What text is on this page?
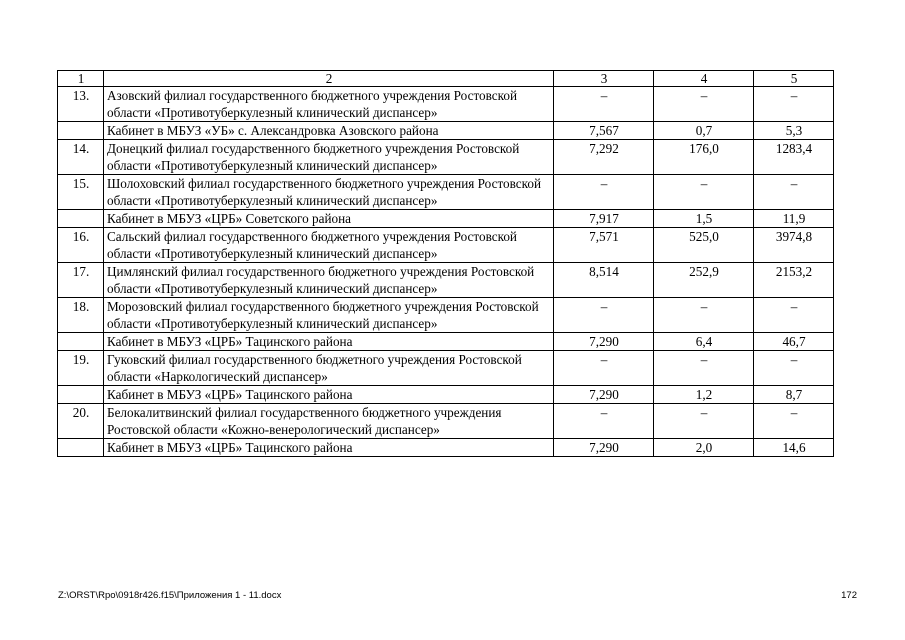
1	2	3	4	5
13.	Азовский филиал государственного бюджетного учреждения Ростовской области «Противотуберкулезный клинический диспансер»	–	–	–
	Кабинет в МБУЗ «УБ» с. Александровка Азовского района	7,567	0,7	5,3
14.	Донецкий филиал государственного бюджетного учреждения Ростовской области «Противотуберкулезный клинический диспансер»	7,292	176,0	1283,4
15.	Шолоховский филиал государственного бюджетного учреждения Ростовской области «Противотуберкулезный клинический диспансер»	–	–	–
	Кабинет в МБУЗ «ЦРБ» Советского района	7,917	1,5	11,9
16.	Сальский филиал государственного бюджетного учреждения Ростовской области «Противотуберкулезный клинический диспансер»	7,571	525,0	3974,8
17.	Цимлянский филиал государственного бюджетного учреждения Ростовской области «Противотуберкулезный клинический диспансер»	8,514	252,9	2153,2
18.	Морозовский филиал государственного бюджетного учреждения Ростовской области «Противотуберкулезный клинический диспансер»	–	–	–
	Кабинет в МБУЗ «ЦРБ» Тацинского района	7,290	6,4	46,7
19.	Гуковский филиал государственного бюджетного учреждения Ростовской области «Наркологический диспансер»	–	–	–
	Кабинет в МБУЗ «ЦРБ» Тацинского района	7,290	1,2	8,7
20.	Белокалитвинский филиал государственного бюджетного учреждения Ростовской области «Кожно-венерологический диспансер»	–	–	–
	Кабинет в МБУЗ «ЦРБ» Тацинского района	7,290	2,0	14,6
Z:\ORST\Rpo\0918r426.f15\Приложения 1 - 11.docx	172
